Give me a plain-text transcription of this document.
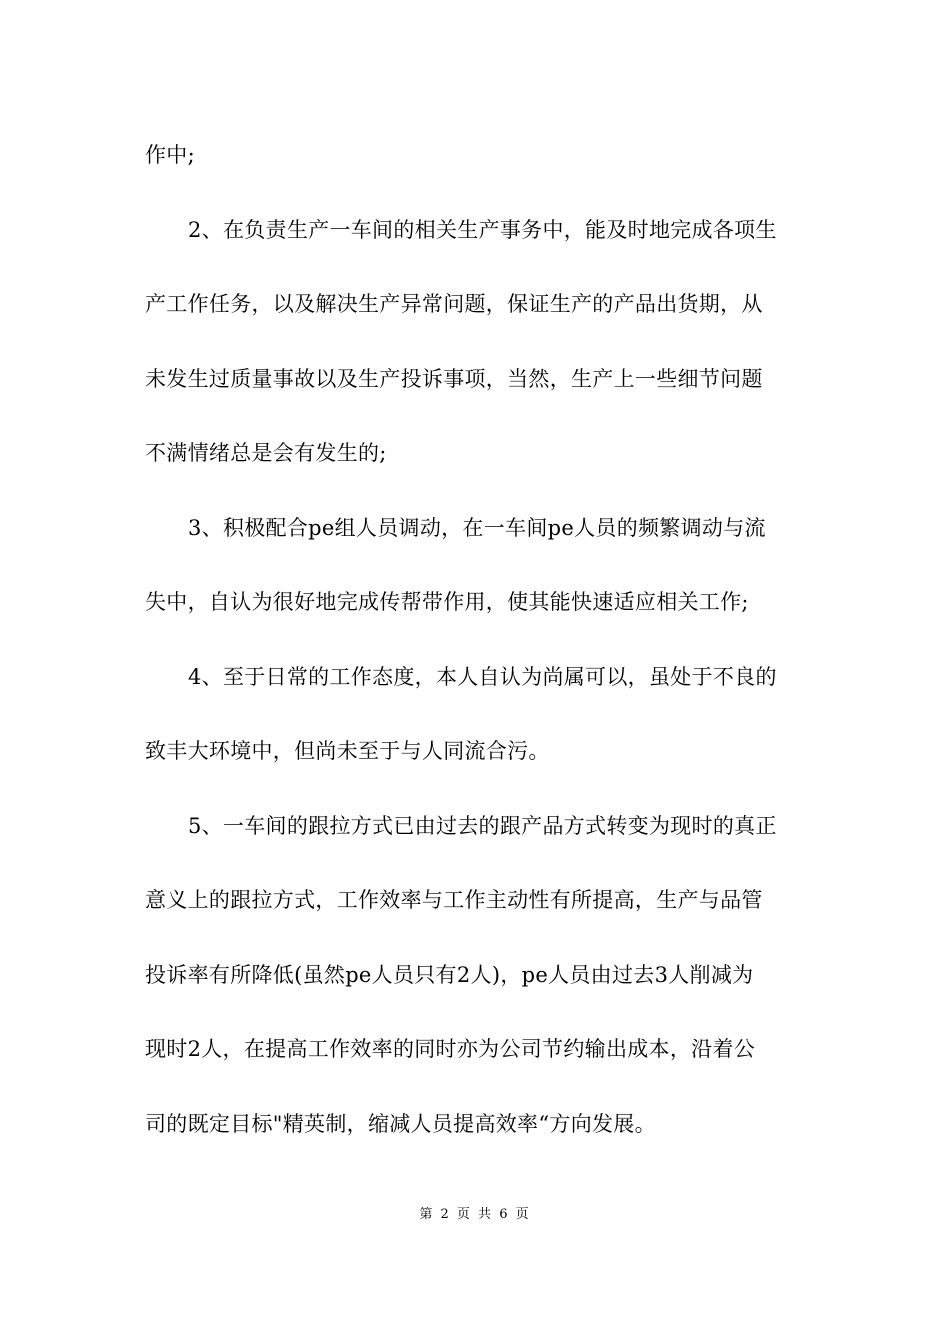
作中;
2、在负责生产一车间的相关生产事务中，能及时地完成各项生
产工作任务，以及解决生产异常问题，保证生产的产品出货期，从
未发生过质量事故以及生产投诉事项，当然，生产上一些细节问题
不满情绪总是会有发生的;
3、积极配合pe组人员调动，在一车间pe人员的频繁调动与流
失中，自认为很好地完成传帮带作用，使其能快速适应相关工作;
4、至于日常的工作态度，本人自认为尚属可以，虽处于不良的
致丰大环境中，但尚未至于与人同流合污。
5、一车间的跟拉方式已由过去的跟产品方式转变为现时的真正
意义上的跟拉方式，工作效率与工作主动性有所提高，生产与品管
投诉率有所降低(虽然pe人员只有2人)，pe人员由过去3人削减为
现时2人，在提高工作效率的同时亦为公司节约输出成本，沿着公
司的既定目标"精英制，缩减人员提高效率“方向发展。
第 2 页 共 6 页
